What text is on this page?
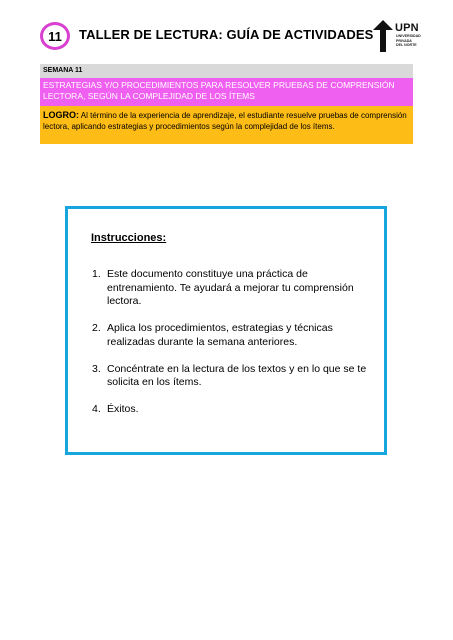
11	TALLER DE LECTURA: GUÍA DE ACTIVIDADES UPN
UNIVERSIDAD
PRIVADA
DEL NORTE
SEMANA 11
ESTRATEGIAS Y/O PROCEDIMIENTOS PARA RESOLVER PRUEBAS DE COMPRENSIÓN LECTORA, SEGÚN LA COMPLEJIDAD DE LOS ÍTEMS
LOGRO: Al término de la experiencia de aprendizaje, el estudiante resuelve pruebas de comprensión lectora, aplicando estrategias y procedimientos según la complejidad de los ítems.
Instrucciones:
1. Este documento constituye una práctica de entrenamiento. Te ayudará a mejorar tu comprensión lectora.
2. Aplica los procedimientos, estrategias y técnicas realizadas durante la semana anteriores.
3. Concéntrate en la lectura de los textos y en lo que se te solicita en los ítems.
4. Éxitos.
